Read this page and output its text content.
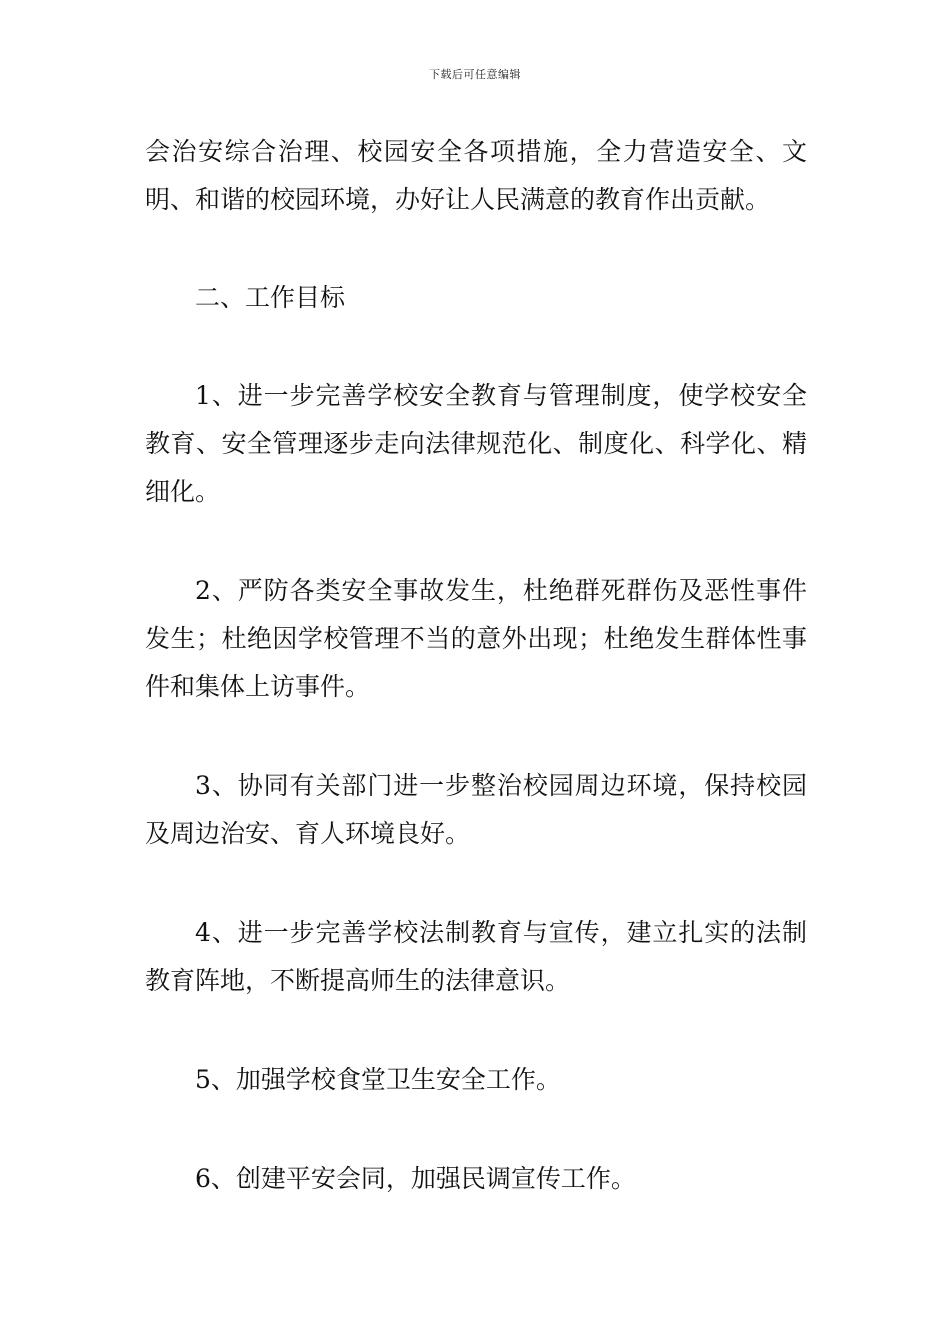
下载后可任意编辑

会治安综合治理、校园安全各项措施，全力营造安全、文明、和谐的校园环境，办好让人民满意的教育作出贡献。

二、工作目标

1、进一步完善学校安全教育与管理制度，使学校安全教育、安全管理逐步走向法律规范化、制度化、科学化、精细化。

2、严防各类安全事故发生，杜绝群死群伤及恶性事件发生；杜绝因学校管理不当的意外出现；杜绝发生群体性事件和集体上访事件。

3、协同有关部门进一步整治校园周边环境，保持校园及周边治安、育人环境良好。

4、进一步完善学校法制教育与宣传，建立扎实的法制教育阵地，不断提高师生的法律意识。

5、加强学校食堂卫生安全工作。

6、创建平安会同，加强民调宣传工作。
